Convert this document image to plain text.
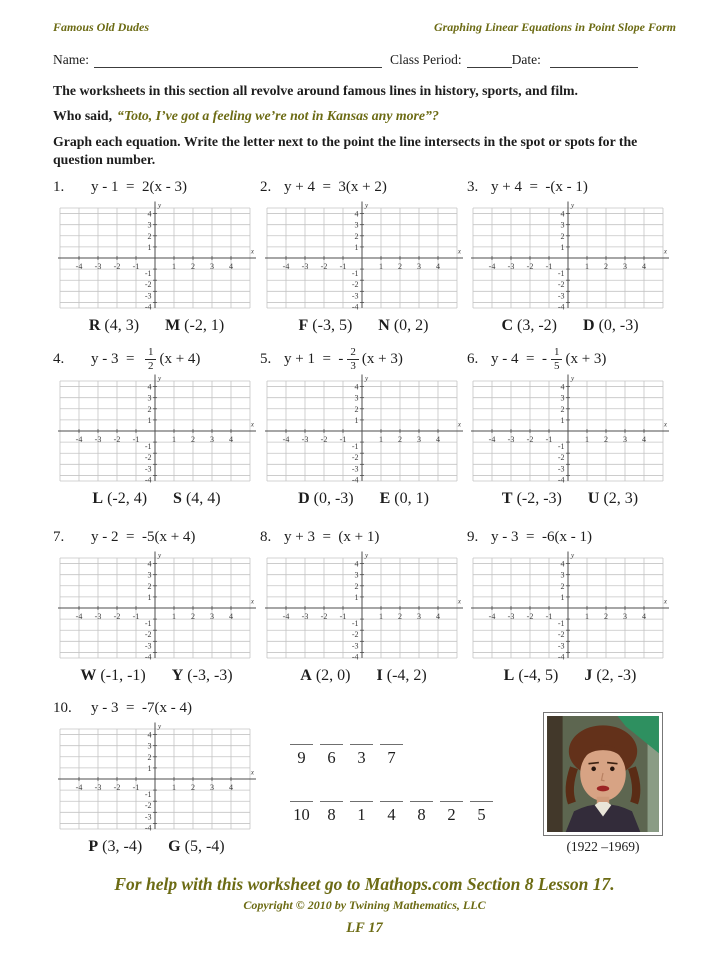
Famous Old Dudes	Graphing Linear Equations in Point Slope Form
Name:	Class Period:	Date:

The worksheets in this section all revolve around famous lines in history, sports, and film.

Who said, “Toto, I’ve got a feeling we’re not in Kansas any more”?

Graph each equation. Write the letter next to the point the line intersects in the spot or spots for the question number.

1.	y - 1  = 2(x - 3)
-4 -3 -2 -1	1 2 3 4
4
3
2
1
-1
-2
-3
-4
x
y
R (4, 3) M (-2, 1)
2. y + 4  = 3(x + 2)
-4 -3 -2 -1	1 2 3 4
4
3
2
1
-1
-2
-3
-4
x
y
F (-3, 5) N (0, 2)
3. y + 4  = -(x - 1)
-4 -3 -2 -1	1 2 3 4
4
3
2
1
-1
-2
-3
-4
x
y
C (3, -2) D (0, -3)
4.	$y - 3 = \frac{1}{2} (x + 4)$
-4 -3 -2 -1	1 2 3 4
4
3
2
1
-1
-2
-3
-4
x
y
L (-2, 4) S (4, 4)
5. y + 1  = - $\frac{2}{3} (x + 3)$
-4 -3 -2 -1	1 2 3 4
4
3
2
1
-1
-2
-3
-4
x
y
D (0, -3) E (0, 1)
6. y - 4  = - $\frac{1}{5} (x + 3)$
-4 -3 -2 -1	1 2 3 4
4
3
2
1
-1
-2
-3
-4
x
y
T (-2, -3) U (2, 3)
7.	y - 2  = -5(x + 4)
-4 -3 -2 -1	1 2 3 4
4
3
2
1
-1
-2
-3
-4
x
y
W (-1, -1) Y (-3, -3)
8. y + 3  = (x + 1)
-4 -3 -2 -1	1 2 3 4
4
3
2
1
-1
-2
-3
-4
x
y
A (2, 0) I (-4, 2)
9. y - 3  = -6(x - 1)
-4 -3 -2 -1	1 2 3 4
4
3
2
1
-1
-2
-3
-4
x
y
L (-4, 5) J (2, -3)
10.	y - 3  = -7(x - 4)
-4 -3 -2 -1	1 2 3 4
4
3
2
1
-1
-2
-3
-4
x
y
P (3, -4) G (5, -4)
9 6 3 7
10 8 1 4 8 2 5
(1922 –1969)
For help with this worksheet go to Mathops.com Section 8 Lesson 17.
Copyright © 2010 by Twining Mathematics, LLC
LF 17
